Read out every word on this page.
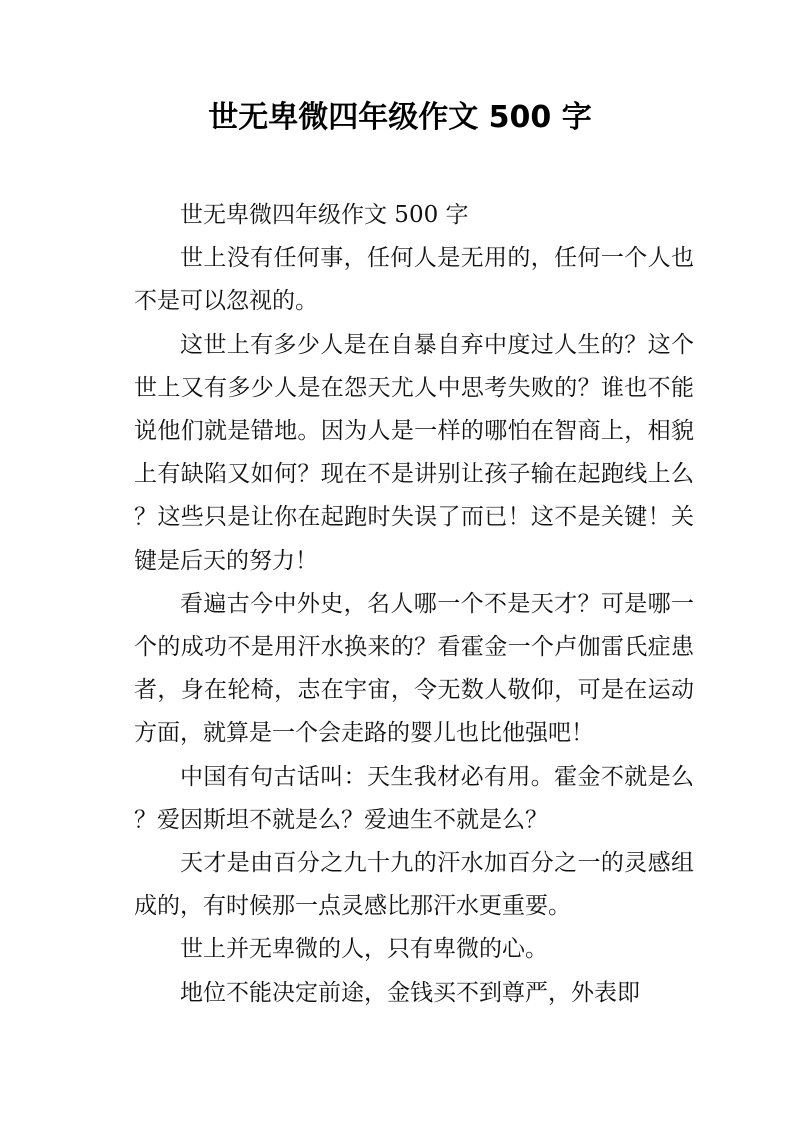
世无卑微四年级作文 500 字

世无卑微四年级作文 500 字

世上没有任何事，任何人是无用的，任何一个人也不是可以忽视的。

这世上有多少人是在自暴自弃中度过人生的？这个世上又有多少人是在怨天尤人中思考失败的？谁也不能说他们就是错地。因为人是一样的哪怕在智商上，相貌上有缺陷又如何？现在不是讲别让孩子输在起跑线上么？这些只是让你在起跑时失误了而已！这不是关键！关键是后天的努力！

看遍古今中外史，名人哪一个不是天才？可是哪一个的成功不是用汗水换来的？看霍金一个卢伽雷氏症患者，身在轮椅，志在宇宙，令无数人敬仰，可是在运动方面，就算是一个会走路的婴儿也比他强吧！

中国有句古话叫：天生我材必有用。霍金不就是么？爱因斯坦不就是么？爱迪生不就是么？

天才是由百分之九十九的汗水加百分之一的灵感组成的，有时候那一点灵感比那汗水更重要。

世上并无卑微的人，只有卑微的心。

地位不能决定前途，金钱买不到尊严，外表即
